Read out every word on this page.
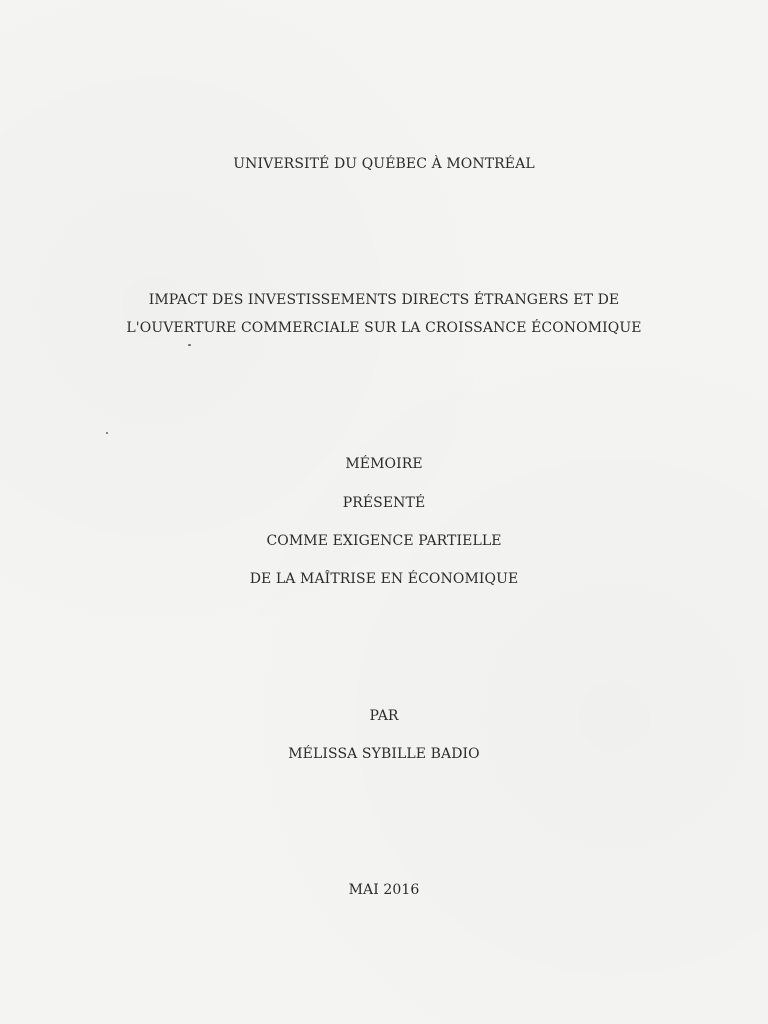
UNIVERSITÉ DU QUÉBEC À MONTRÉAL
IMPACT DES INVESTISSEMENTS DIRECTS ÉTRANGERS ET DE
L'OUVERTURE COMMERCIALE SUR LA CROISSANCE ÉCONOMIQUE
MÉMOIRE
PRÉSENTÉ
COMME EXIGENCE PARTIELLE
DE LA MAÎTRISE EN ÉCONOMIQUE
PAR
MÉLISSA SYBILLE BADIO
MAI 2016
